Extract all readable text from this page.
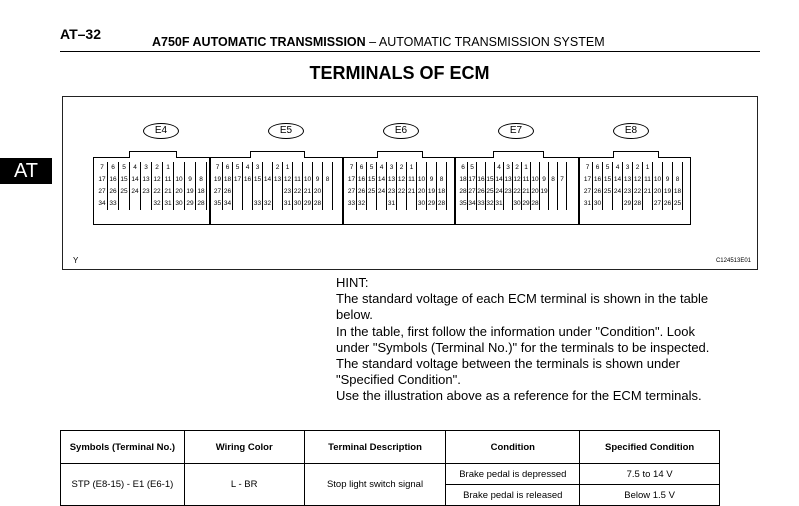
AT–32	A750F AUTOMATIC TRANSMISSION – AUTOMATIC TRANSMISSION SYSTEM
TERMINALS OF ECM
AT
E4
7	6	5	4	3	2	1
17 16 15 14 13 12 11 10 9	8
27 26 25 24 23 22 21 20 19 18
34 33	32 31 30 29 28
E5
7 6 5 4 3	2 1
19 18 17 16 15 14 13 12 11 10 9 8
27 26	23 22 21 20
35 34	33 32 31 30 29 28
E6
7 6 5 4 3 2 1
17 16 15 14 13 12 11 10 9 8
27 26 25 24 23 22 21 20 19 18
33 32	31	30 29 28
E7
6 5	4 3 2 1
18 17 16 15 14 13 12 11 10 9 8 7
28 27 26 25 24 23 22 21 20 19
35 34 33 32 31 30 29 28
E8
7 6 5 4 3 2 1
17 16 15 14 13 12 11 10 9 8
27 26 25 24 23 22 21 20 19 18
31 30	29 28 27 26 25
Y	C124513E01

HINT:

The standard voltage of each ECM terminal is shown in the table below.

In the table, first follow the information under "Condition". Look under "Symbols (Terminal No.)" for the terminals to be inspected. The standard voltage between the terminals is shown under "Specified Condition".

Use the illustration above as a reference for the ECM terminals.

Symbols (Terminal No.)	Wiring Color	Terminal Description	Condition	Specified Condition
STP (E8-15) - E1 (E6-1)	L - BR	Stop light switch signal	Brake pedal is depressed	7.5 to 14 V
			Brake pedal is released	Below 1.5 V
